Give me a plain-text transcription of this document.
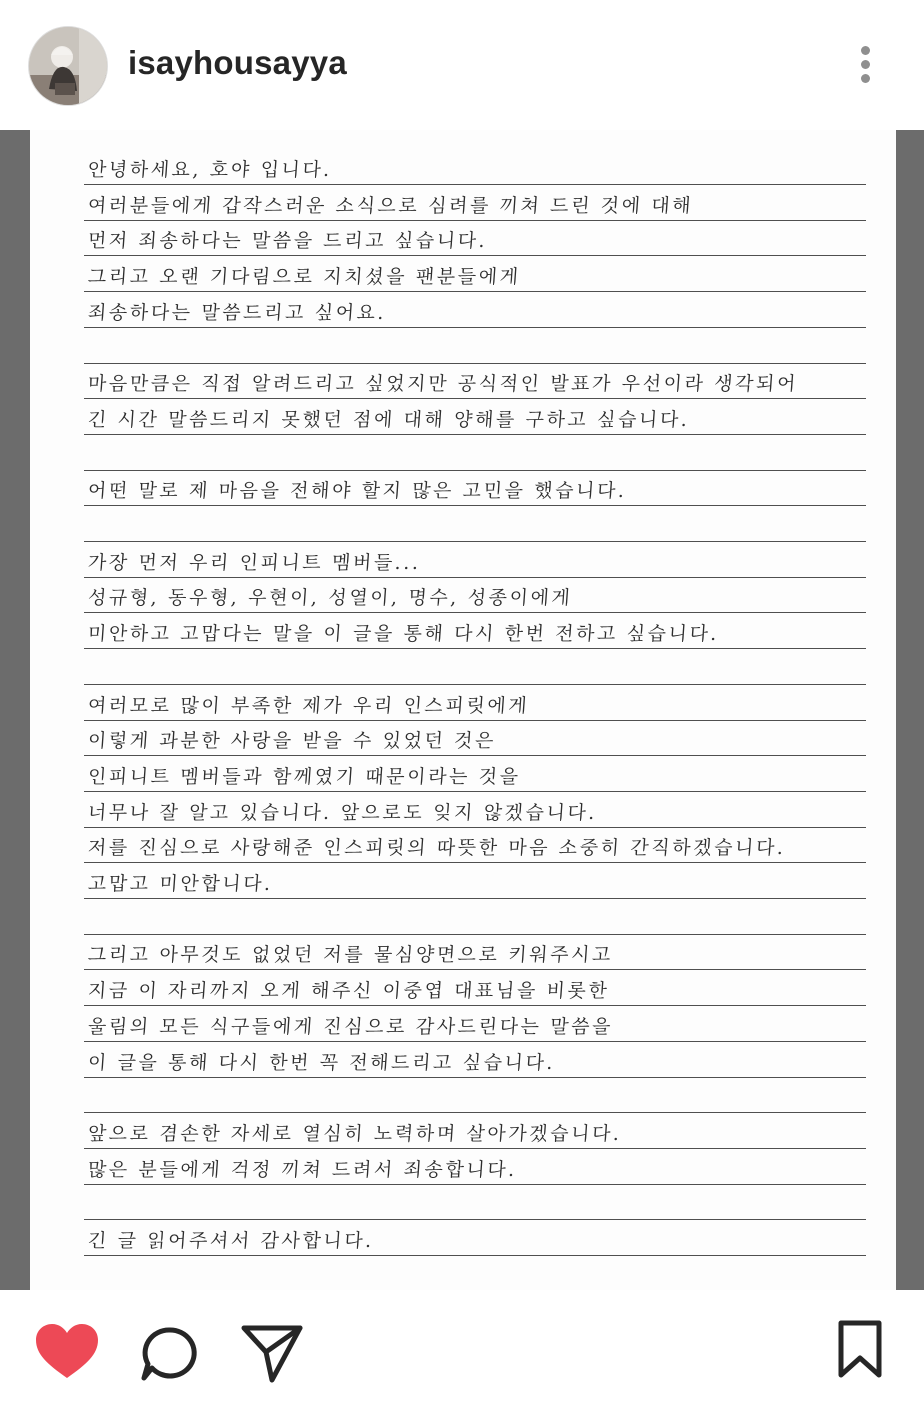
isayhousayya
안녕하세요, 호야 입니다.
여러분들에게 갑작스러운 소식으로 심려를 끼쳐 드린 것에 대해
먼저 죄송하다는 말씀을 드리고 싶습니다.
그리고 오랜 기다림으로 지치셨을 팬분들에게
죄송하다는 말씀드리고 싶어요.
마음만큼은 직접 알려드리고 싶었지만 공식적인 발표가 우선이라 생각되어
긴 시간 말씀드리지 못했던 점에 대해 양해를 구하고 싶습니다.
어떤 말로 제 마음을 전해야 할지 많은 고민을 했습니다.
가장 먼저 우리 인피니트 멤버들...
성규형, 동우형, 우현이, 성열이, 명수, 성종이에게
미안하고 고맙다는 말을 이 글을 통해 다시 한번 전하고 싶습니다.
여러모로 많이 부족한 제가 우리 인스피릿에게
이렇게 과분한 사랑을 받을 수 있었던 것은
인피니트 멤버들과 함께였기 때문이라는 것을
너무나 잘 알고 있습니다. 앞으로도 잊지 않겠습니다.
저를 진심으로 사랑해준 인스피릿의 따뜻한 마음 소중히 간직하겠습니다.
고맙고 미안합니다.
그리고 아무것도 없었던 저를 물심양면으로 키워주시고
지금 이 자리까지 오게 해주신 이중엽 대표님을 비롯한
울림의 모든 식구들에게 진심으로 감사드린다는 말씀을
이 글을 통해 다시 한번 꼭 전해드리고 싶습니다.
앞으로 겸손한 자세로 열심히 노력하며 살아가겠습니다.
많은 분들에게 걱정 끼쳐 드려서 죄송합니다.
긴 글 읽어주셔서 감사합니다.
